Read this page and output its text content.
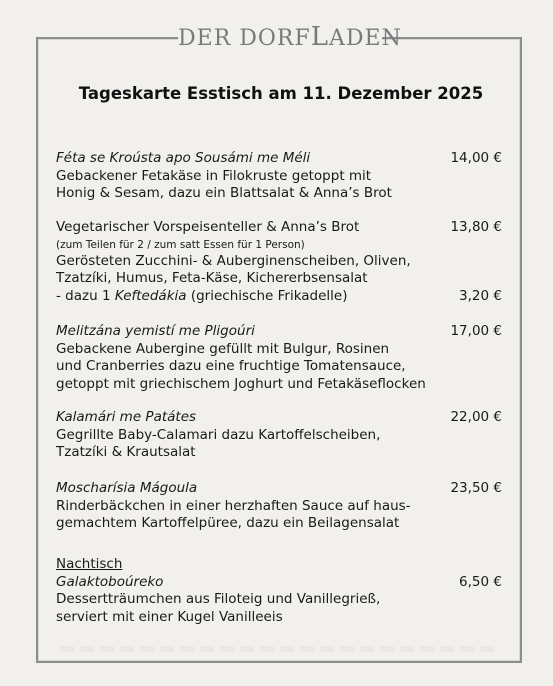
DER DORFLADEN
Tageskarte Esstisch am 11. Dezember 2025
Féta se Kroústa apo Sousámi me Méli	14,00 €
Gebackener Fetakäse in Filokruste getoppt mit
Honig & Sesam, dazu ein Blattsalat & Anna’s Brot
Vegetarischer Vorspeisenteller & Anna’s Brot	13,80 €
(zum Teilen für 2 / zum satt Essen für 1 Person)
Gerösteten Zucchini- & Auberginenscheiben, Oliven,
Tzatzíki, Humus, Feta-Käse, Kichererbsensalat
- dazu 1 Keftedákia (griechische Frikadelle)	3,20 €
Melitzána yemistí me Pligoúri	17,00 €
Gebackene Aubergine gefüllt mit Bulgur, Rosinen
und Cranberries dazu eine fruchtige Tomatensauce,
getoppt mit griechischem Joghurt und Fetakäseflocken
Kalamári me Patátes	22,00 €
Gegrillte Baby-Calamari dazu Kartoffelscheiben,
Tzatzíki & Krautsalat
Moscharísia Mágoula	23,50 €
Rinderbäckchen in einer herzhaften Sauce auf haus-
gemachtem Kartoffelpüree, dazu ein Beilagensalat
Nachtisch
Galaktoboúreko	6,50 €
Dessertträumchen aus Filoteig und Vanillegrieß,
serviert mit einer Kugel Vanilleeis
